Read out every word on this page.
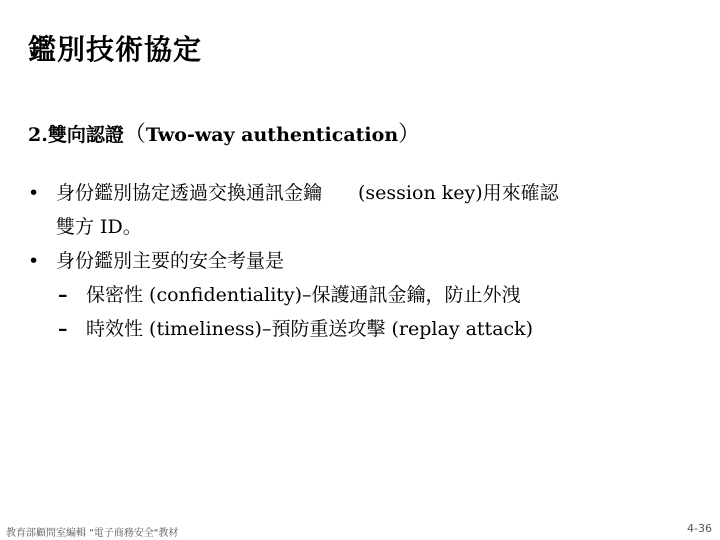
鑑別技術協定
2.雙向認證（Two-way authentication）
• 身份鑑別協定透過交換通訊金鑰 (session key)用來確認
雙方 ID。
• 身份鑑別主要的安全考量是
– 保密性 (confidentiality)–保護通訊金鑰，防止外洩
– 時效性 (timeliness)–預防重送攻擊 (replay attack)
教育部顧問室編輯 "電子商務安全"教材	4-36
